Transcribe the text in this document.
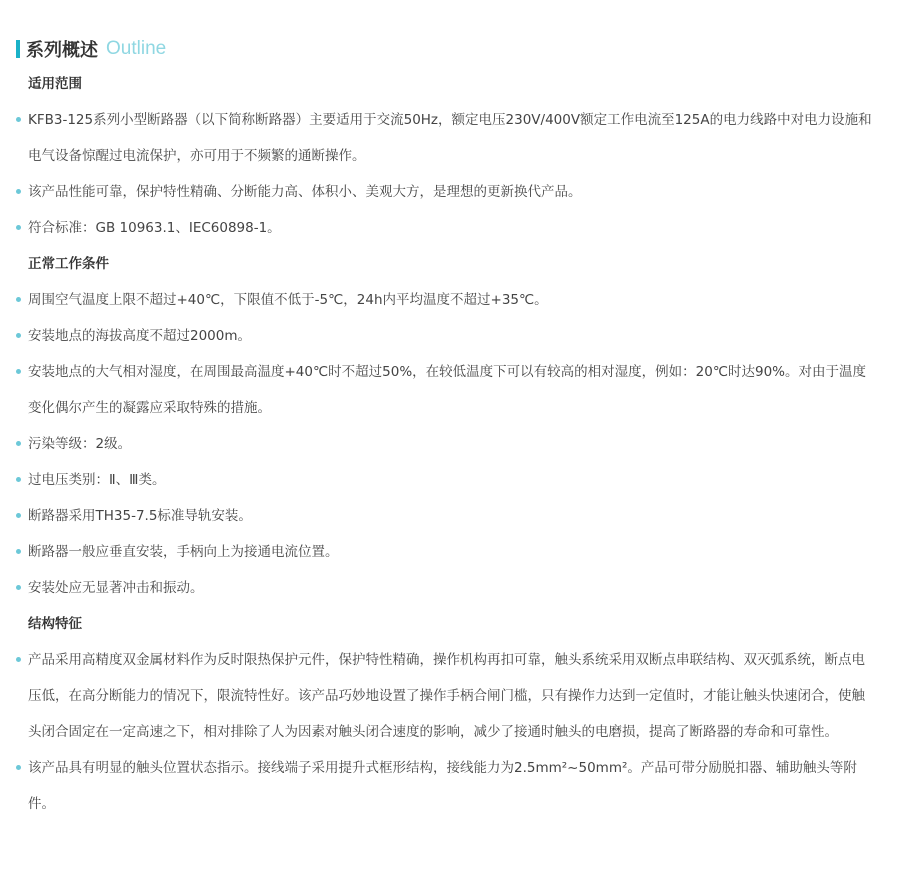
系列概述 Outline
适用范围
KFB3-125系列小型断路器（以下简称断路器）主要适用于交流50Hz，额定电压230V/400V额定工作电流至125A的电力线路中对电力设施和电气设备惊醒过电流保护，亦可用于不频繁的通断操作。
该产品性能可靠，保护特性精确、分断能力高、体积小、美观大方，是理想的更新换代产品。
符合标准：GB 10963.1、IEC60898-1。
正常工作条件
周围空气温度上限不超过+40℃，下限值不低于-5℃，24h内平均温度不超过+35℃。
安装地点的海拔高度不超过2000m。
安装地点的大气相对湿度，在周围最高温度+40℃时不超过50%，在较低温度下可以有较高的相对湿度，例如：20℃时达90%。对由于温度变化偶尔产生的凝露应采取特殊的措施。
污染等级：2级。
过电压类别：Ⅱ、Ⅲ类。
断路器采用TH35-7.5标准导轨安装。
断路器一般应垂直安装，手柄向上为接通电流位置。
安装处应无显著冲击和振动。
结构特征
产品采用高精度双金属材料作为反时限热保护元件，保护特性精确，操作机构再扣可靠，触头系统采用双断点串联结构、双灭弧系统，断点电压低，在高分断能力的情况下，限流特性好。该产品巧妙地设置了操作手柄合闸门槛，只有操作力达到一定值时，才能让触头快速闭合，使触头闭合固定在一定高速之下，相对排除了人为因素对触头闭合速度的影响，减少了接通时触头的电磨损，提高了断路器的寿命和可靠性。
该产品具有明显的触头位置状态指示。接线端子采用提升式框形结构，接线能力为2.5mm²~50mm²。产品可带分励脱扣器、辅助触头等附件。
